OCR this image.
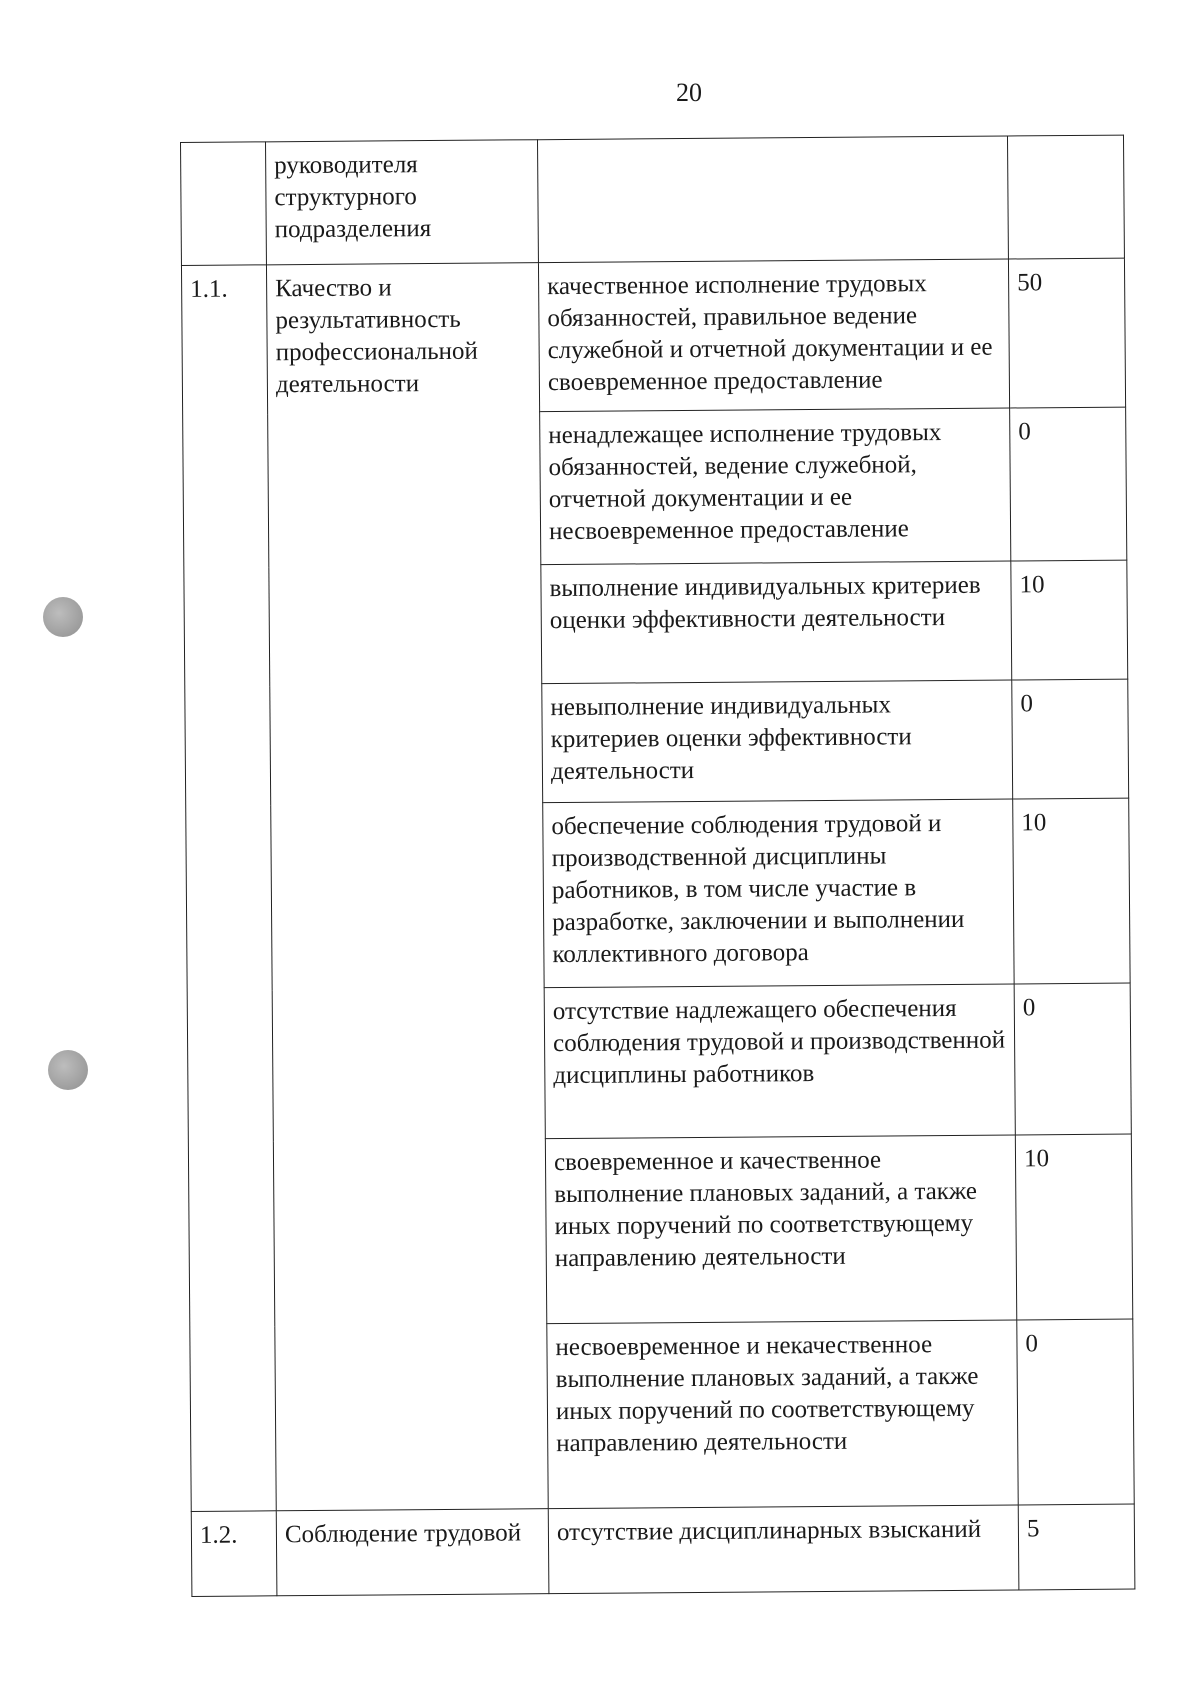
20
	руководителя структурного подразделения		
1.1.	Качество и результативность профессиональной деятельности	качественное исполнение трудовых обязанностей, правильное ведение служебной и отчетной документации и ее своевременное предоставление	50
		ненадлежащее исполнение трудовых обязанностей, ведение служебной, отчетной документации и ее несвоевременное предоставление	0
		выполнение индивидуальных критериев оценки эффективности деятельности	10
		невыполнение индивидуальных критериев оценки эффективности деятельности	0
		обеспечение соблюдения трудовой и производственной дисциплины работников, в том числе участие в разработке, заключении и выполнении коллективного договора	10
		отсутствие надлежащего обеспечения соблюдения трудовой и производственной дисциплины работников	0
		своевременное и качественное выполнение плановых заданий, а также иных поручений по соответствующему направлению деятельности	10
		несвоевременное и некачественное выполнение плановых заданий, а также иных поручений по соответствующему направлению деятельности	0
1.2.	Соблюдение трудовой	отсутствие дисциплинарных взысканий	5
